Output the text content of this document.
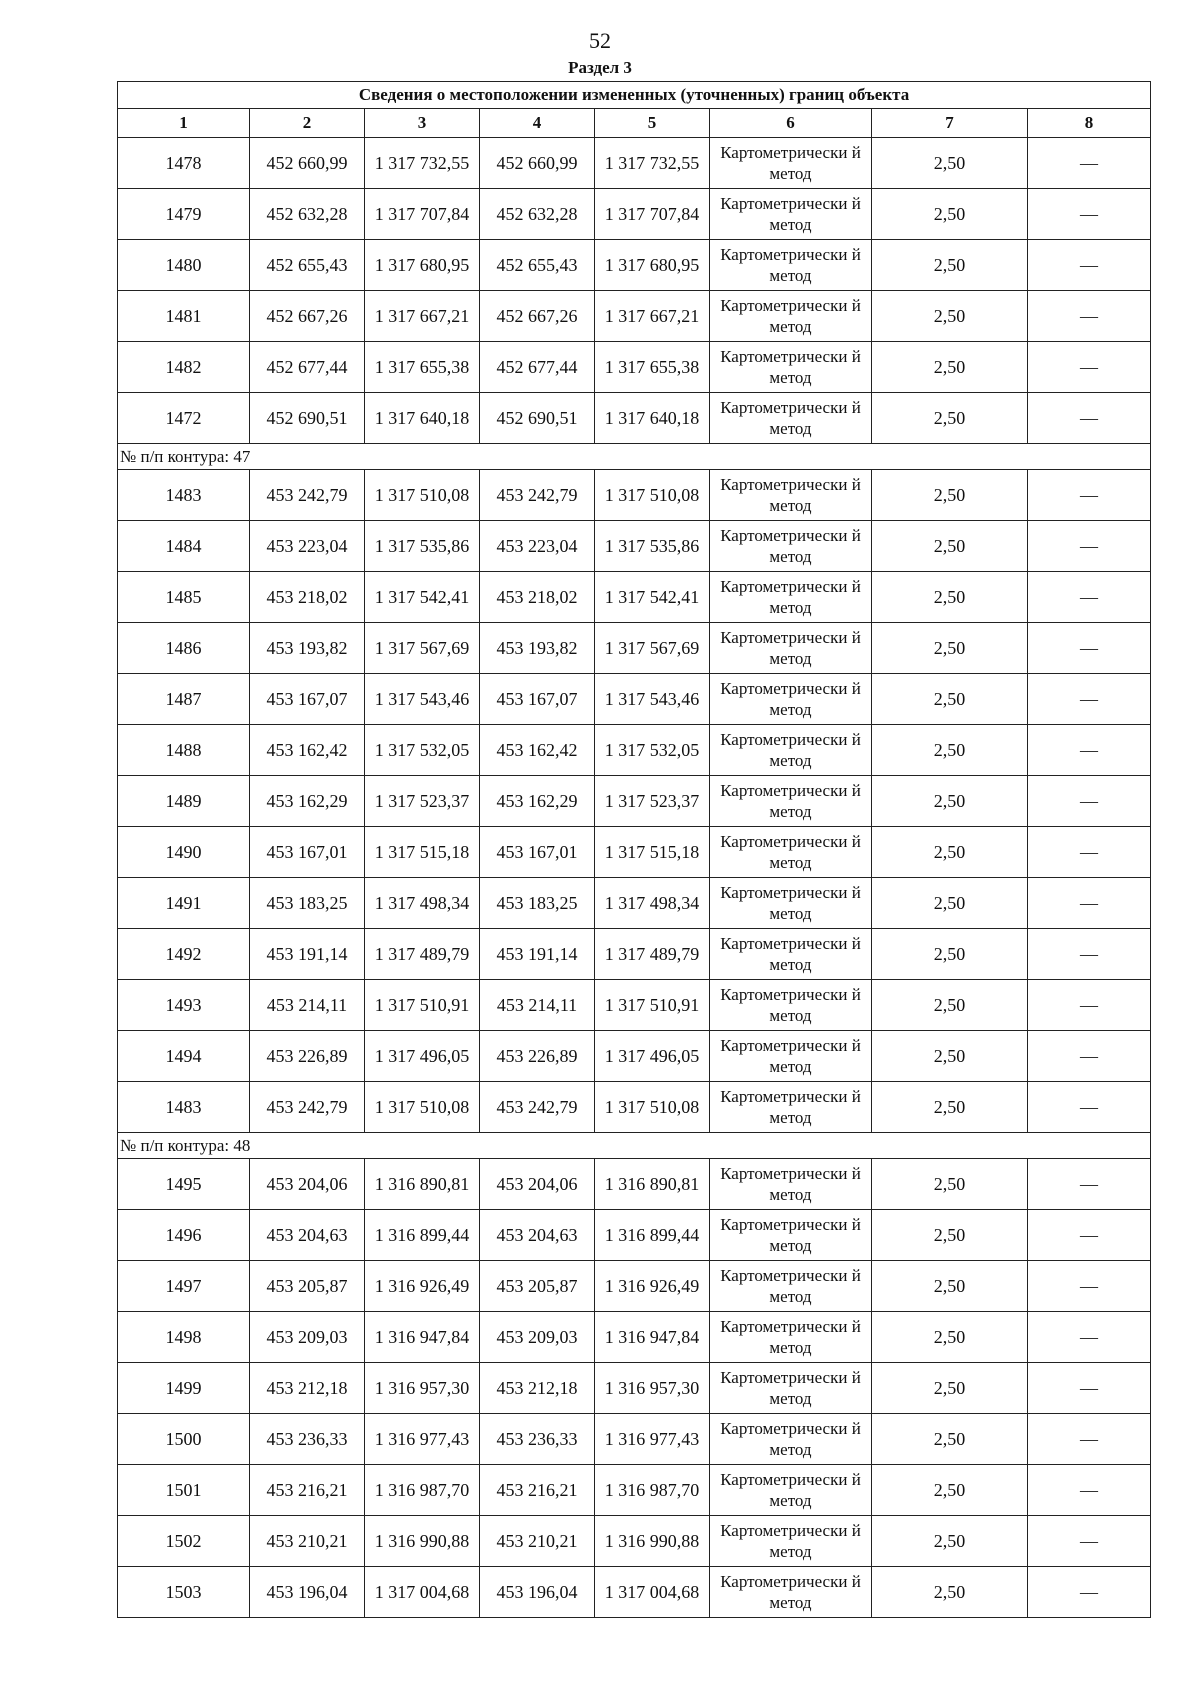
52
Раздел 3
Сведения о местоположении измененных (уточненных) границ объекта							
1	2	3	4	5	6	7	8
1478	452 660,99	1 317 732,55	452 660,99	1 317 732,55	Картометрически й метод	2,50	—
1479	452 632,28	1 317 707,84	452 632,28	1 317 707,84	Картометрически й метод	2,50	—
1480	452 655,43	1 317 680,95	452 655,43	1 317 680,95	Картометрически й метод	2,50	—
1481	452 667,26	1 317 667,21	452 667,26	1 317 667,21	Картометрически й метод	2,50	—
1482	452 677,44	1 317 655,38	452 677,44	1 317 655,38	Картометрически й метод	2,50	—
1472	452 690,51	1 317 640,18	452 690,51	1 317 640,18	Картометрически й метод	2,50	—
№ п/п контура: 47							
1483	453 242,79	1 317 510,08	453 242,79	1 317 510,08	Картометрически й метод	2,50	—
1484	453 223,04	1 317 535,86	453 223,04	1 317 535,86	Картометрически й метод	2,50	—
1485	453 218,02	1 317 542,41	453 218,02	1 317 542,41	Картометрически й метод	2,50	—
1486	453 193,82	1 317 567,69	453 193,82	1 317 567,69	Картометрически й метод	2,50	—
1487	453 167,07	1 317 543,46	453 167,07	1 317 543,46	Картометрически й метод	2,50	—
1488	453 162,42	1 317 532,05	453 162,42	1 317 532,05	Картометрически й метод	2,50	—
1489	453 162,29	1 317 523,37	453 162,29	1 317 523,37	Картометрически й метод	2,50	—
1490	453 167,01	1 317 515,18	453 167,01	1 317 515,18	Картометрически й метод	2,50	—
1491	453 183,25	1 317 498,34	453 183,25	1 317 498,34	Картометрически й метод	2,50	—
1492	453 191,14	1 317 489,79	453 191,14	1 317 489,79	Картометрически й метод	2,50	—
1493	453 214,11	1 317 510,91	453 214,11	1 317 510,91	Картометрически й метод	2,50	—
1494	453 226,89	1 317 496,05	453 226,89	1 317 496,05	Картометрически й метод	2,50	—
1483	453 242,79	1 317 510,08	453 242,79	1 317 510,08	Картометрически й метод	2,50	—
№ п/п контура: 48							
1495	453 204,06	1 316 890,81	453 204,06	1 316 890,81	Картометрически й метод	2,50	—
1496	453 204,63	1 316 899,44	453 204,63	1 316 899,44	Картометрически й метод	2,50	—
1497	453 205,87	1 316 926,49	453 205,87	1 316 926,49	Картометрически й метод	2,50	—
1498	453 209,03	1 316 947,84	453 209,03	1 316 947,84	Картометрически й метод	2,50	—
1499	453 212,18	1 316 957,30	453 212,18	1 316 957,30	Картометрически й метод	2,50	—
1500	453 236,33	1 316 977,43	453 236,33	1 316 977,43	Картометрически й метод	2,50	—
1501	453 216,21	1 316 987,70	453 216,21	1 316 987,70	Картометрически й метод	2,50	—
1502	453 210,21	1 316 990,88	453 210,21	1 316 990,88	Картометрически й метод	2,50	—
1503	453 196,04	1 317 004,68	453 196,04	1 317 004,68	Картометрически й метод	2,50	—
